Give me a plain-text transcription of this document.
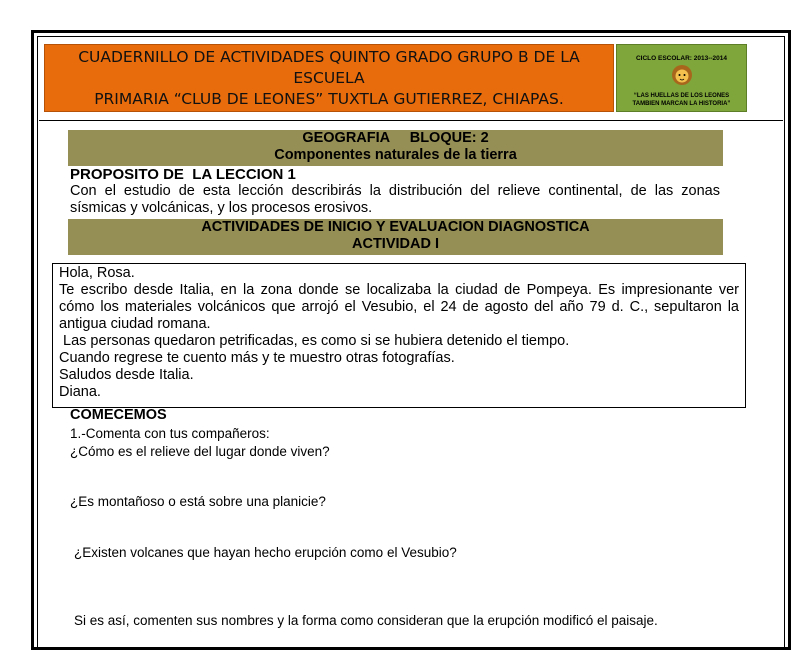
CUADERNILLO DE ACTIVIDADES QUINTO GRADO GRUPO B DE LA ESCUELA
PRIMARIA “CLUB DE LEONES” TUXTLA GUTIERREZ, CHIAPAS.
CICLO ESCOLAR: 2013--2014
“LAS HUELLAS DE LOS LEONES
TAMBIEN MARCAN LA HISTORIA”
GEOGRAFIA     BLOQUE: 2
Componentes naturales de la tierra
PROPOSITO DE  LA LECCION 1
Con el estudio de esta lección describirás la distribución del relieve continental, de las zonas sísmicas y volcánicas, y los procesos erosivos.
ACTIVIDADES DE INICIO Y EVALUACION DIAGNOSTICA
ACTIVIDAD I

Hola, Rosa.

Te escribo desde Italia, en la zona donde se localizaba la ciudad de Pompeya. Es impresionante ver cómo los materiales volcánicos que arrojó el Vesubio, el 24 de agosto del año 79 d. C., sepultaron la antigua ciudad romana.

Las personas quedaron petrificadas, es como si se hubiera detenido el tiempo.

Cuando regrese te cuento más y te muestro otras fotografías.

Saludos desde Italia.

Diana.

COMECEMOS
1.-Comenta con tus compañeros:
¿Cómo es el relieve del lugar donde viven?
¿Es montañoso o está sobre una planicie?
¿Existen volcanes que hayan hecho erupción como el Vesubio?
Si es así, comenten sus nombres y la forma como consideran que la erupción modificó el paisaje.
